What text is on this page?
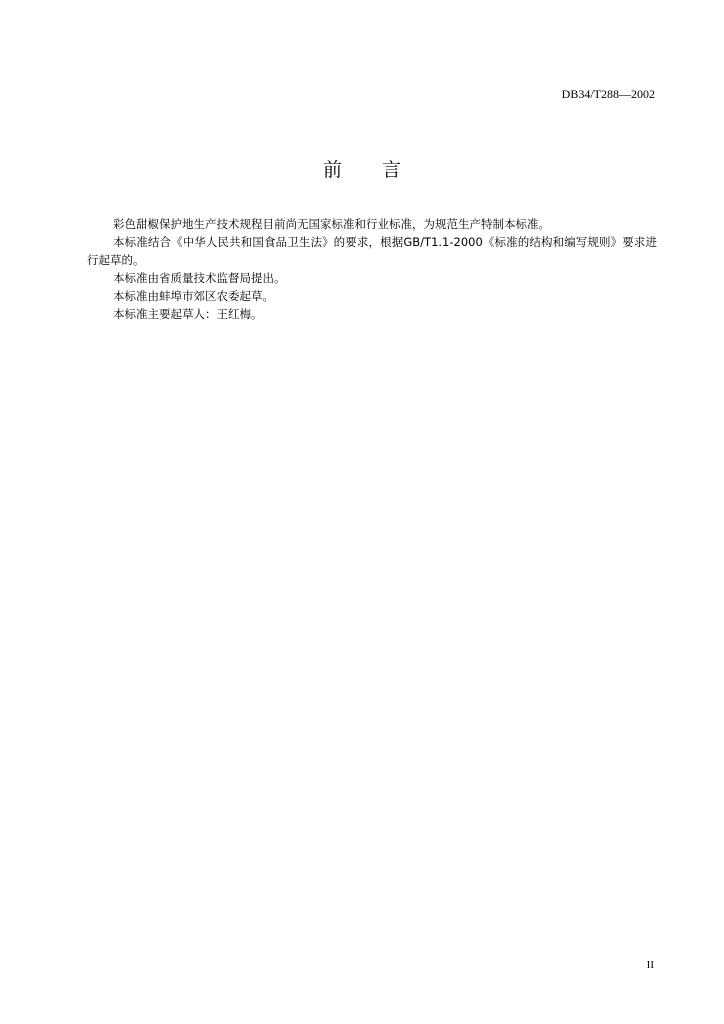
DB34/T288—2002
前 言

彩色甜椒保护地生产技术规程目前尚无国家标准和行业标准，为规范生产特制本标准。

本标准结合《中华人民共和国食品卫生法》的要求，根据GB/T1.1-2000《标准的结构和编写规则》要求进行起草的。

本标准由省质量技术监督局提出。

本标准由蚌埠市郊区农委起草。

本标准主要起草人：王红梅。

II
